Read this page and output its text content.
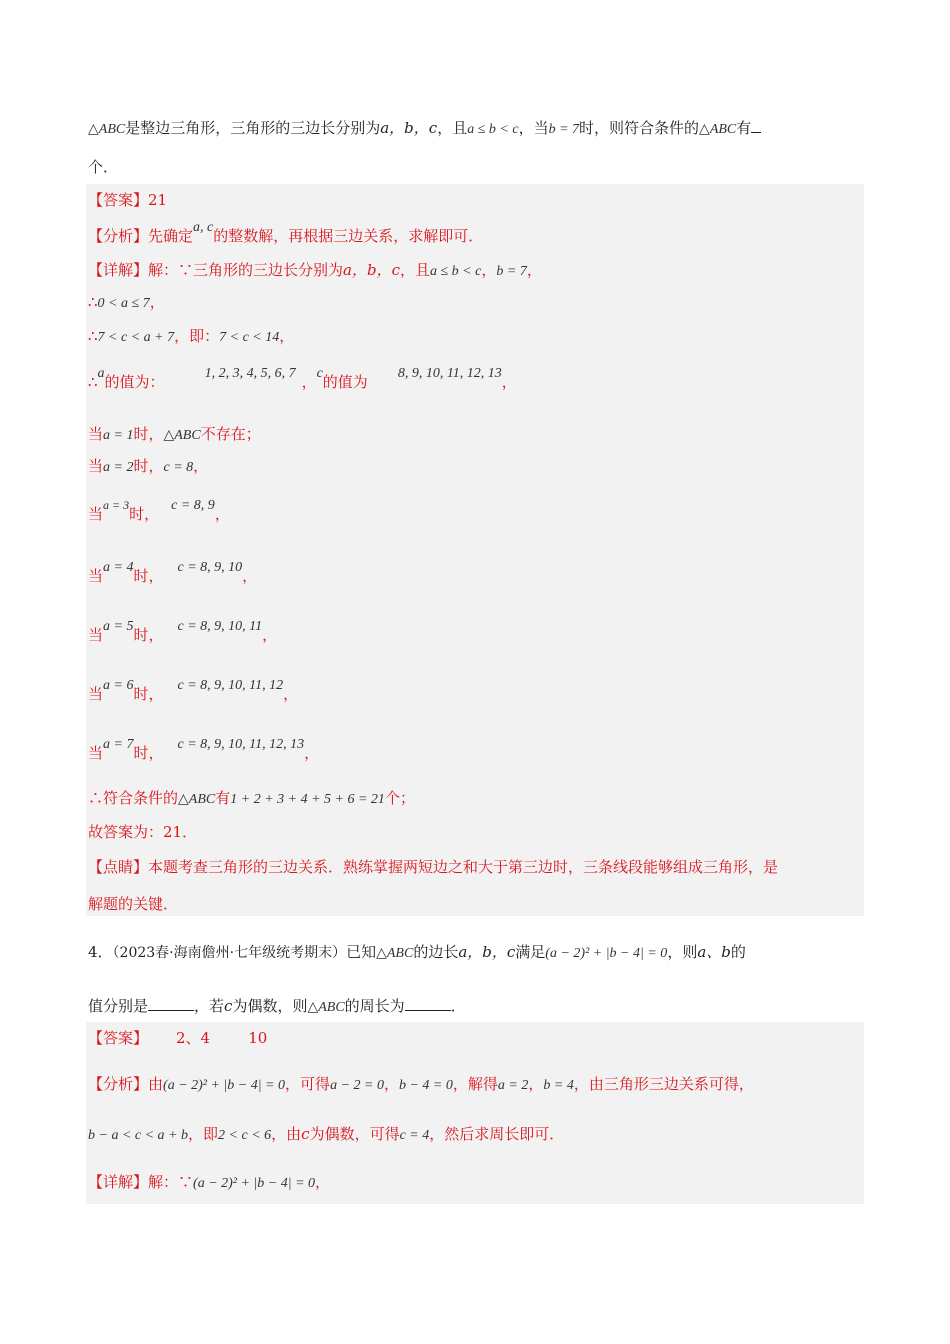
△ABC是整边三角形，三角形的三边长分别为a，b，c，且a ≤ b < c，当b = 7时，则符合条件的△ABC有
个．
【答案】21
【分析】先确定a, c的整数解，再根据三边关系，求解即可．
【详解】解：∵三角形的三边长分别为a，b，c，且a ≤ b < c，b = 7，
∴0 < a ≤ 7，
∴7 < c < a + 7，即：7 < c < 14，
∴a的值为：	1, 2, 3, 4, 5, 6, 7 ，c的值为 8, 9, 10, 11, 12, 13，
当a = 1时，△ABC不存在；
当a = 2时，c = 8，
当$^{a = 3}$时， c = 8, 9，
当a = 4时， c = 8, 9, 10，
当a = 5时， c = 8, 9, 10, 11，
当a = 6时， c = 8, 9, 10, 11, 12，
当a = 7时， c = 8, 9, 10, 11, 12, 13，
∴符合条件的△ABC有1 + 2 + 3 + 4 + 5 + 6 = 21个；
故答案为：21．
【点睛】本题考查三角形的三边关系．熟练掌握两短边之和大于第三边时，三条线段能够组成三角形，是
解题的关键．
4．（2023春·海南儋州·七年级统考期末）已知△ABC的边长a，b，c满足(a − 2)² + |b − 4| = 0，则a、b的
值分别是	，若c为偶数，则△ABC的周长为	．
【答案】 2、4        10
【分析】由(a − 2)² + |b − 4| = 0，可得a − 2 = 0，b − 4 = 0，解得a = 2，b = 4，由三角形三边关系可得，
b − a < c < a + b，即2 < c < 6，由c为偶数，可得c = 4，然后求周长即可．
【详解】解：∵(a − 2)² + |b − 4| = 0，
